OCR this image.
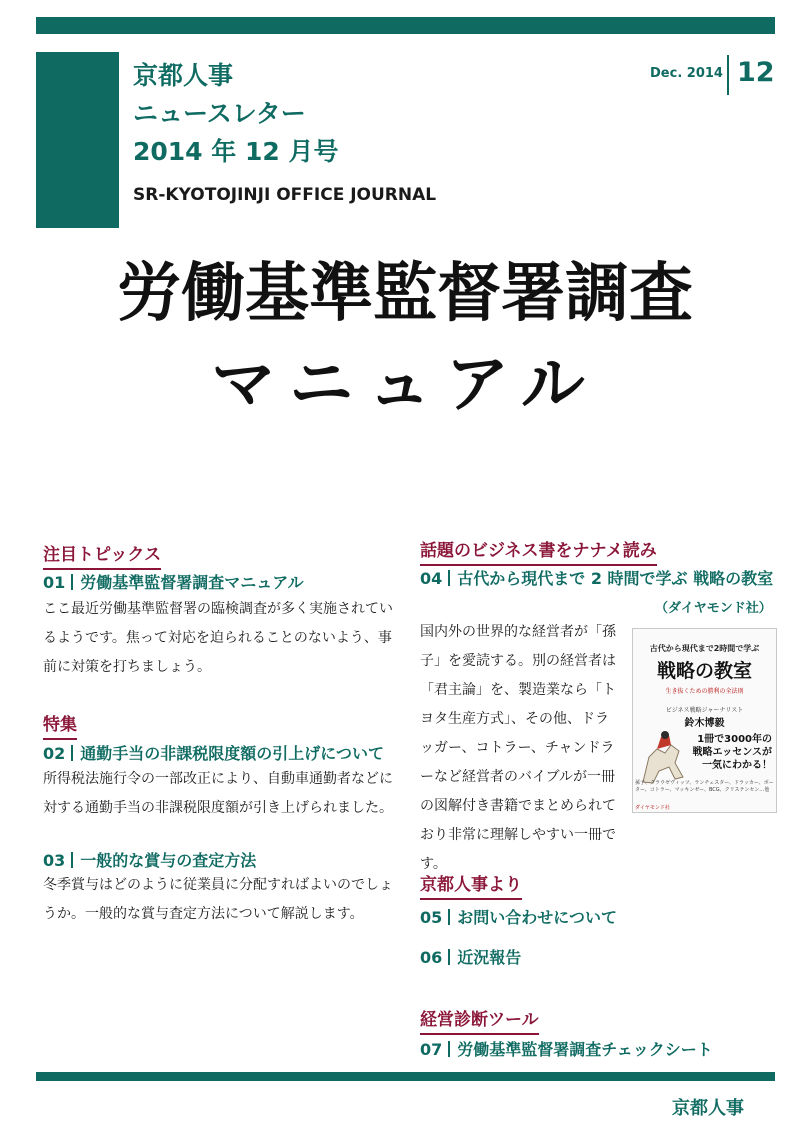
京都人事
ニュースレター
2014 年 12 月号
SR-KYOTOJINJI OFFICE JOURNAL
Dec. 2014 12
労働基準監督署調査
マニュアル
注目トピックス
01 労働基準監督署調査マニュアル
ここ最近労働基準監督署の臨検調査が多く実施されているようです。焦って対応を迫られることのないよう、事前に対策を打ちましょう。
特集
02 通勤手当の非課税限度額の引上げについて
所得税法施行令の一部改正により、自動車通勤者などに対する通勤手当の非課税限度額が引き上げられました。
03 一般的な賞与の査定方法
冬季賞与はどのように従業員に分配すればよいのでしょうか。一般的な賞与査定方法について解説します。
話題のビジネス書をナナメ読み
04 古代から現代まで 2 時間で学ぶ 戦略の教室
（ダイヤモンド社）
国内外の世界的な経営者が「孫子」を愛読する。別の経営者は「君主論」を、製造業なら「トヨタ生産方式」、その他、ドラッガー、コトラー、チャンドラーなど経営者のバイブルが一冊の図解付き書籍でまとめられており非常に理解しやすい一冊です。
古代から現代まで2時間で学ぶ
戦略の教室
生き抜くための勝利の全法則
ビジネス戦略ジャーナリスト
鈴木博毅
1冊で3000年の
戦略エッセンスが
一気にわかる！
孫子、クラウゼヴィッツ、ランチェスター、ドラッカー、ポーター、コトラー、マッキンゼー、BCG、クリステンセン…他
ダイヤモンド社
京都人事より
05 お問い合わせについて
06 近況報告
経営診断ツール
07 労働基準監督署調査チェックシート
京都人事
